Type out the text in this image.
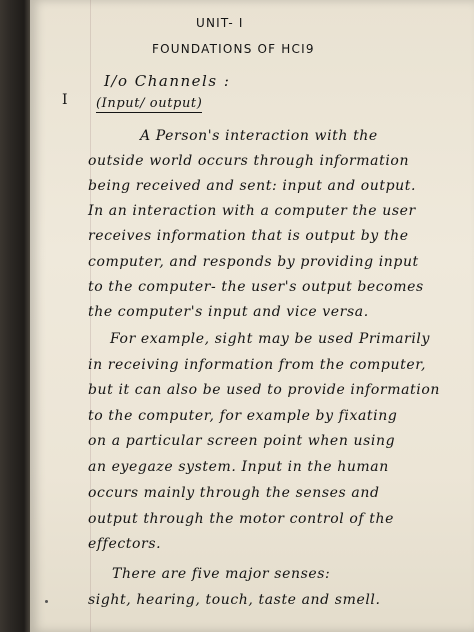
UNIT- I
FOUNDATIONS OF HCI9
I
I/o Channels :
(Input/ output)
A Person's interaction with the
outside world occurs through information
being received and sent: input and output.
In an interaction with a computer the user
receives information that is output by the
computer, and responds by providing input
to the computer- the user's output becomes
the computer's input and vice versa.
For example, sight may be used Primarily
in receiving information from the computer,
but it can also be used to provide information
to the computer, for example by fixating
on a particular screen point when using
an eyegaze system. Input in the human
occurs mainly through the senses and
output through the motor control of the
effectors.
There are five major senses:
sight, hearing, touch, taste and smell.
